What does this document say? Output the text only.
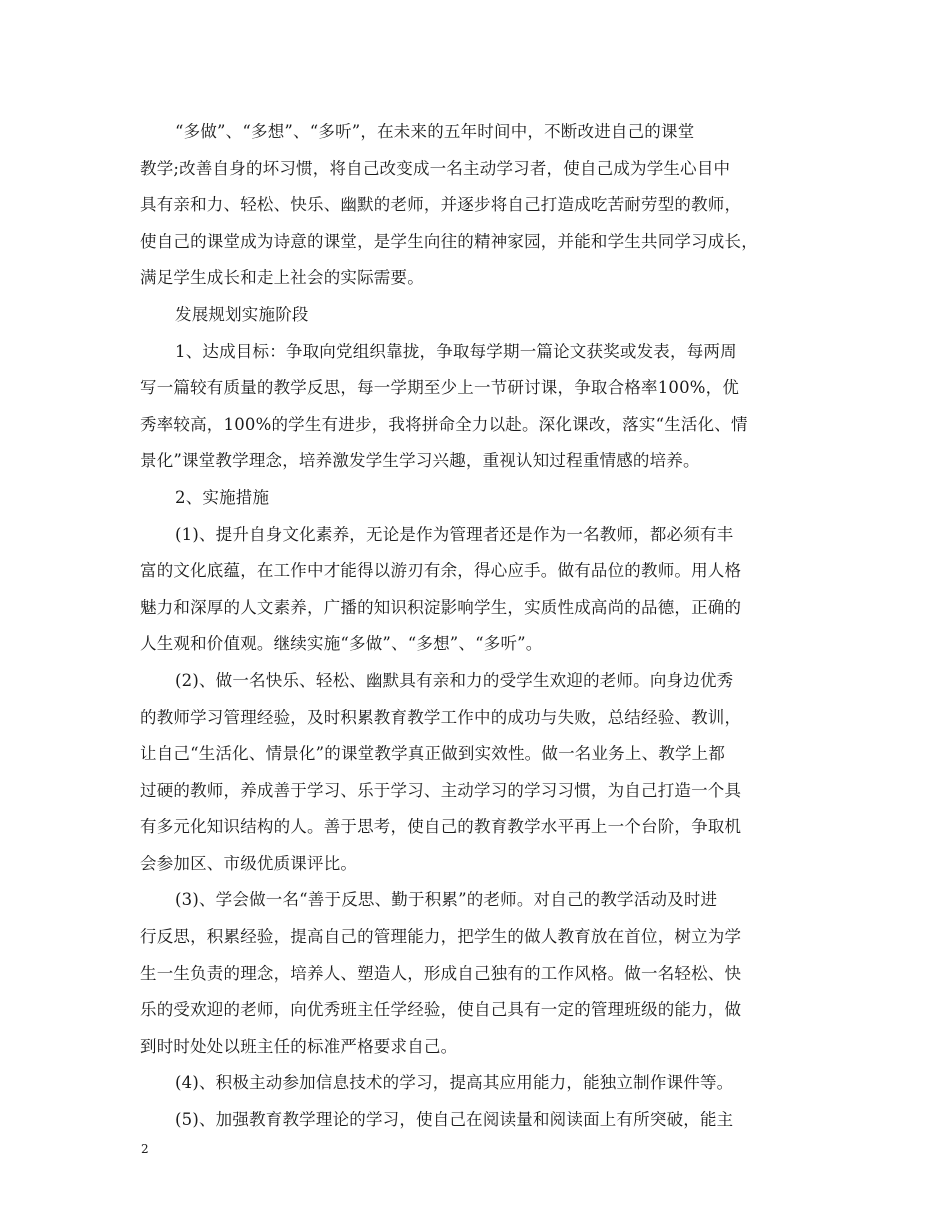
“多做”、“多想”、“多听”，在未来的五年时间中，不断改进自己的课堂
教学;改善自身的坏习惯，将自己改变成一名主动学习者，使自己成为学生心目中
具有亲和力、轻松、快乐、幽默的老师，并逐步将自己打造成吃苦耐劳型的教师，
使自己的课堂成为诗意的课堂，是学生向往的精神家园，并能和学生共同学习成长，
满足学生成长和走上社会的实际需要。
发展规划实施阶段
1、达成目标：争取向党组织靠拢，争取每学期一篇论文获奖或发表，每两周
写一篇较有质量的教学反思，每一学期至少上一节研讨课，争取合格率100%，优
秀率较高，100%的学生有进步，我将拼命全力以赴。深化课改，落实“生活化、情
景化”课堂教学理念，培养激发学生学习兴趣，重视认知过程重情感的培养。
2、实施措施
(1)、提升自身文化素养，无论是作为管理者还是作为一名教师，都必须有丰
富的文化底蕴，在工作中才能得以游刃有余，得心应手。做有品位的教师。用人格
魅力和深厚的人文素养，广播的知识积淀影响学生，实质性成高尚的品德，正确的
人生观和价值观。继续实施“多做”、“多想”、“多听”。
(2)、做一名快乐、轻松、幽默具有亲和力的受学生欢迎的老师。向身边优秀
的教师学习管理经验，及时积累教育教学工作中的成功与失败，总结经验、教训，
让自己“生活化、情景化”的课堂教学真正做到实效性。做一名业务上、教学上都
过硬的教师，养成善于学习、乐于学习、主动学习的学习习惯，为自己打造一个具
有多元化知识结构的人。善于思考，使自己的教育教学水平再上一个台阶，争取机
会参加区、市级优质课评比。
(3)、学会做一名“善于反思、勤于积累”的老师。对自己的教学活动及时进
行反思，积累经验，提高自己的管理能力，把学生的做人教育放在首位，树立为学
生一生负责的理念，培养人、塑造人，形成自己独有的工作风格。做一名轻松、快
乐的受欢迎的老师，向优秀班主任学经验，使自己具有一定的管理班级的能力，做
到时时处处以班主任的标准严格要求自己。
(4)、积极主动参加信息技术的学习，提高其应用能力，能独立制作课件等。
(5)、加强教育教学理论的学习，使自己在阅读量和阅读面上有所突破，能主
2
